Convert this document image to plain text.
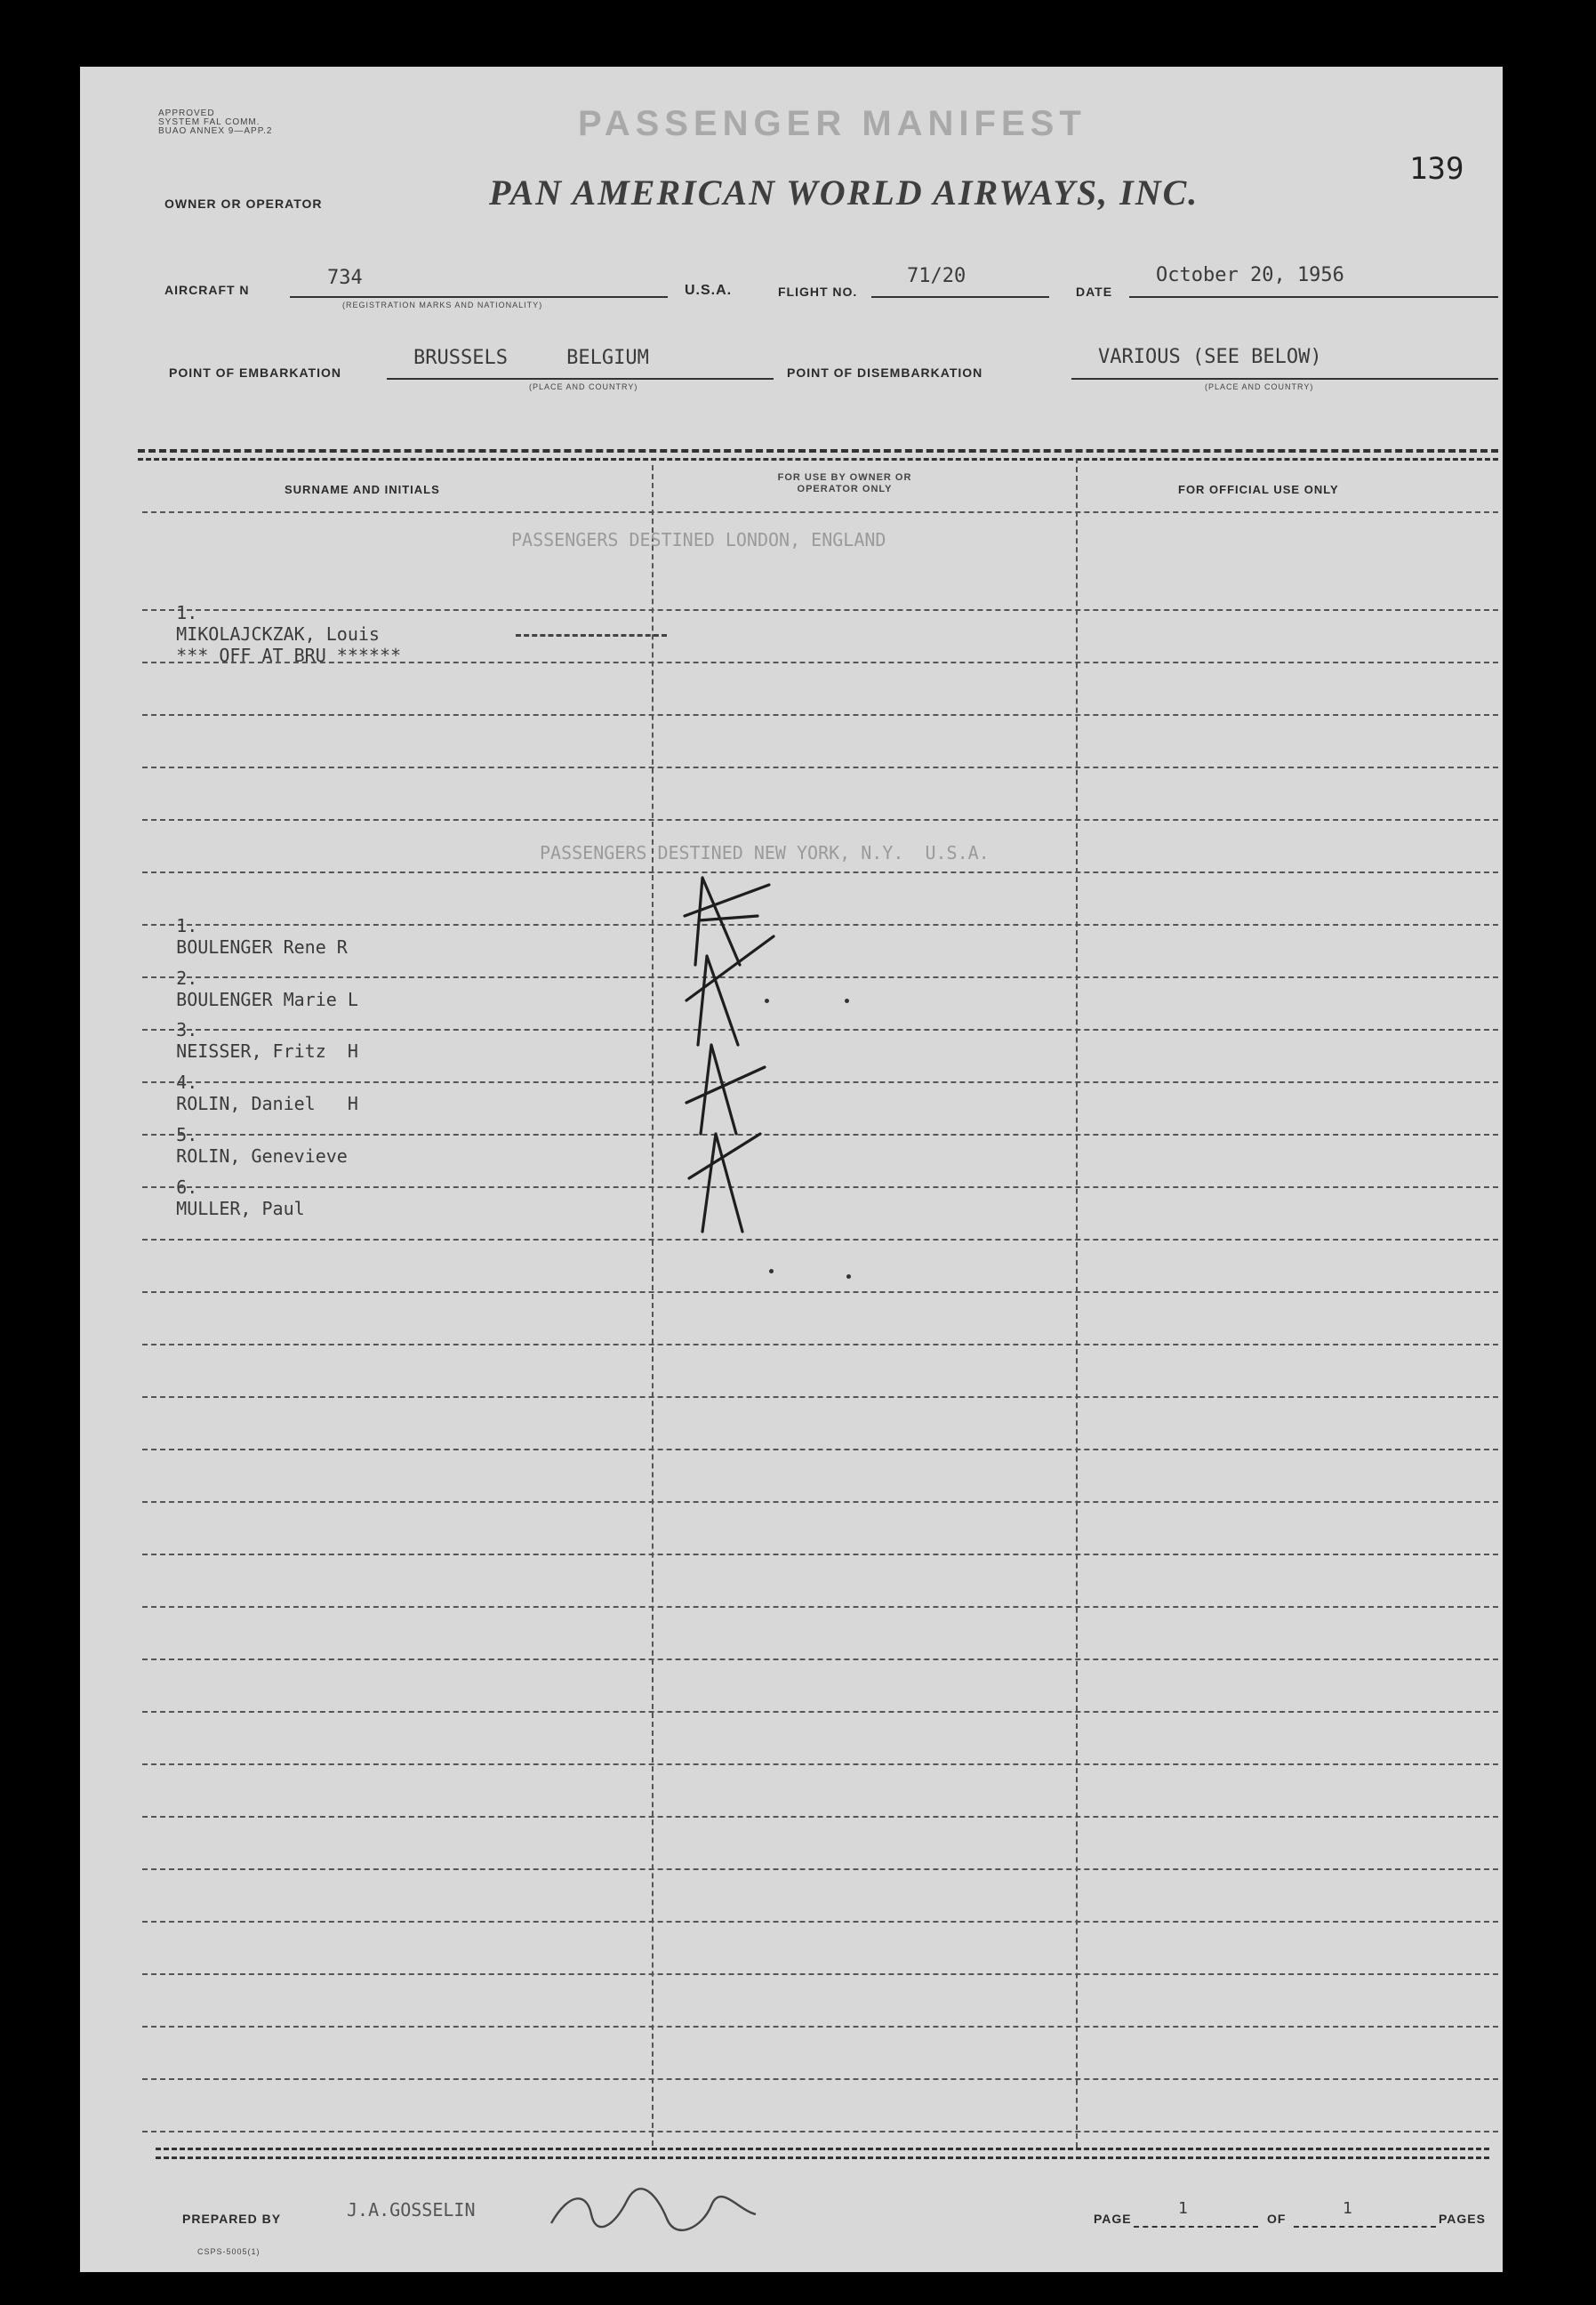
APPROVED
SYSTEM FAL COMM.
BUAO ANNEX 9—APP.2	PASSENGER MANIFEST
139
OWNER OR OPERATOR	PAN AMERICAN WORLD AIRWAYS, INC.
AIRCRAFT N
734
(REGISTRATION MARKS AND NATIONALITY)
U.S.A.	FLIGHT NO.
71/20
DATE
October 20, 1956
POINT OF EMBARKATION
BRUSSELS     BELGIUM
(PLACE AND COUNTRY)
POINT OF DISEMBARKATION
VARIOUS (SEE BELOW)
(PLACE AND COUNTRY)
SURNAME AND INITIALS
FOR USE BY OWNER OR OPERATOR ONLY	FOR OFFICIAL USE ONLY
PASSENGERS DESTINED LONDON, ENGLAND

1.
MIKOLAJCKZAK, Louis
*** OFF AT BRU ******

PASSENGERS DESTINED NEW YORK, N.Y.  U.S.A.

1.
BOULENGER Rene R

2.
BOULENGER Marie L

3.
NEISSER, Fritz  H

4.
ROLIN, Daniel   H

5.
ROLIN, Genevieve

6.
MULLER, Paul

PREPARED BY	J.A.GOSSELIN	PAGE
1
OF
1
PAGES
CSPS-5005(1)
